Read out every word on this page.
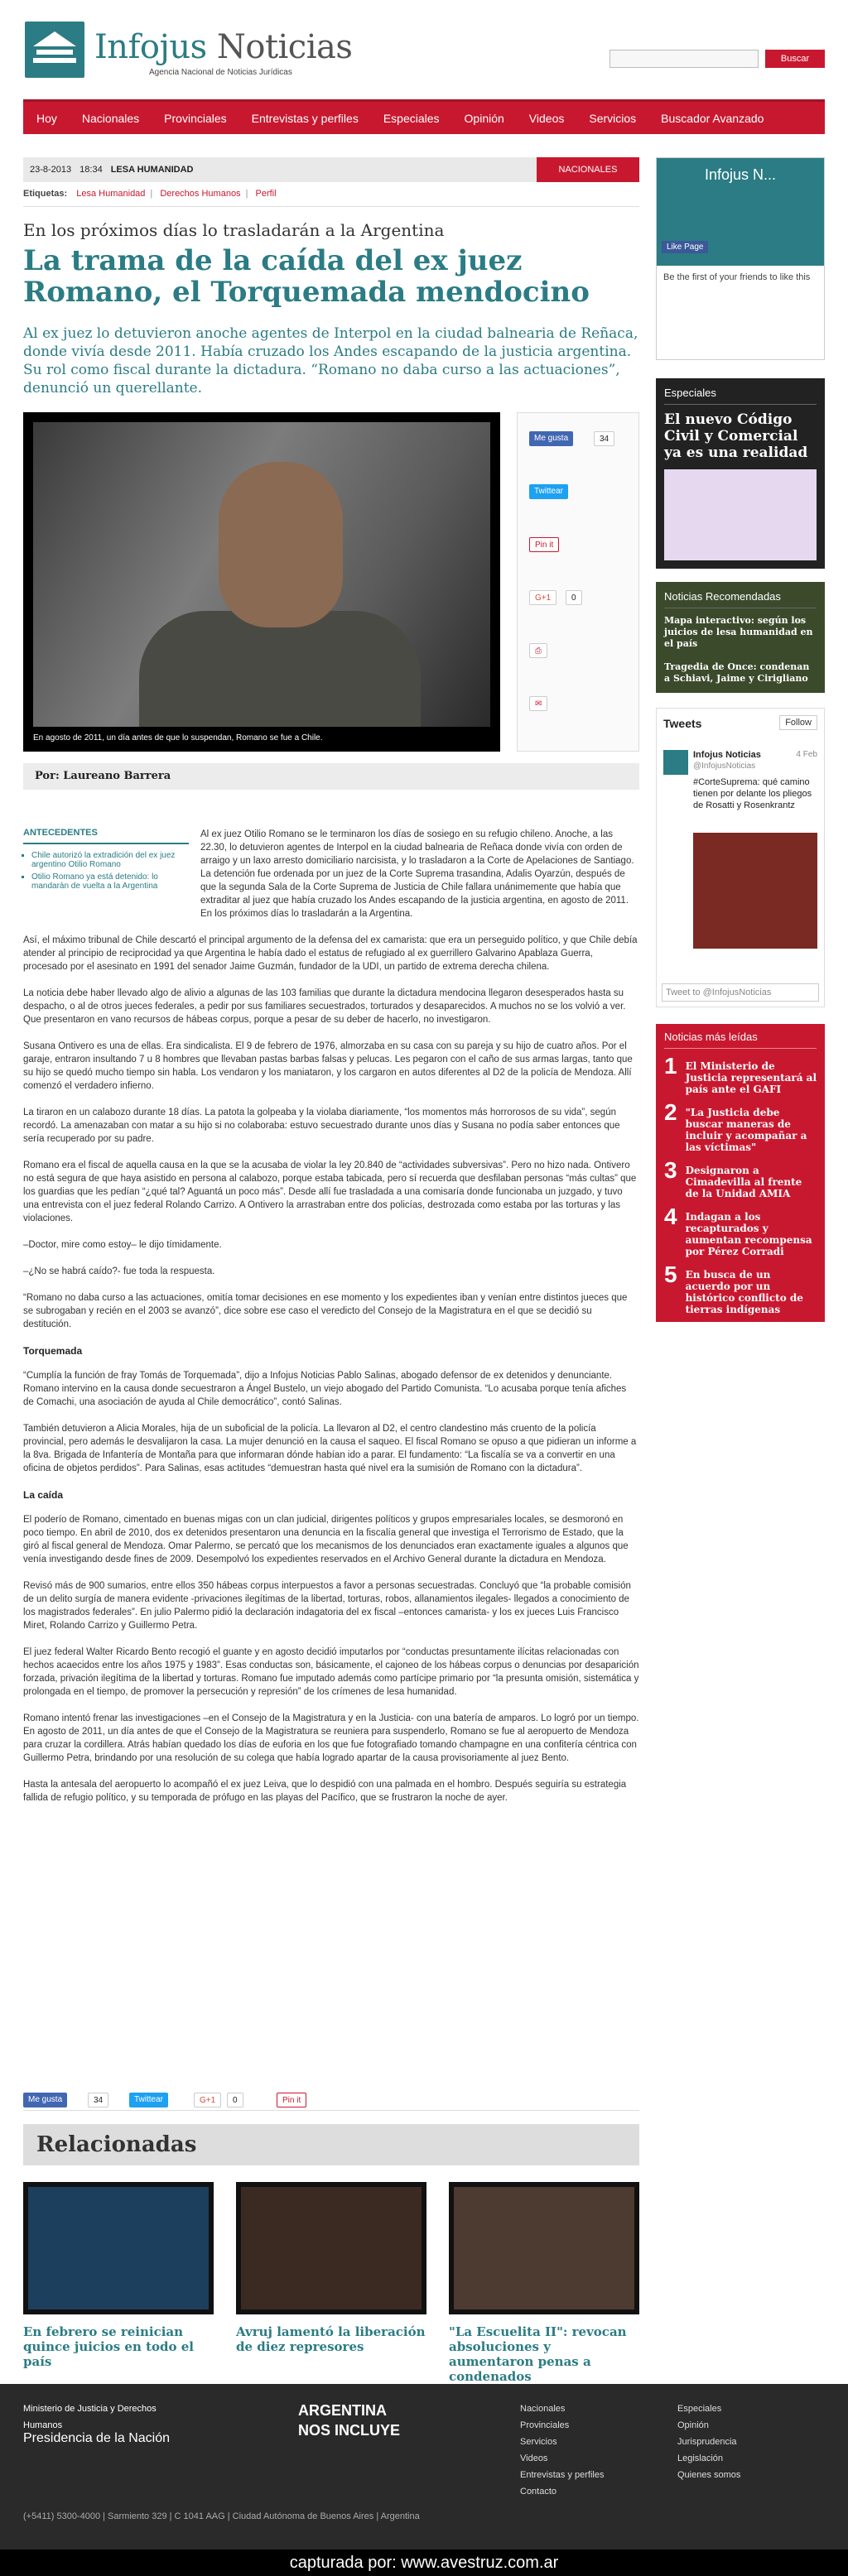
Infojus Noticias
Agencia Nacional de Noticias Jurídicas
Buscar
Hoy Nacionales Provinciales Entrevistas y perfiles Especiales Opinión Videos Servicios Buscador Avanzado
23-8-2013 18:34 LESA HUMANIDAD	NACIONALES
Etiquetas: Lesa Humanidad | Derechos Humanos | Perfil
En los próximos días lo trasladarán a la Argentina
La trama de la caída del ex juez Romano, el Torquemada mendocino
Al ex juez lo detuvieron anoche agentes de Interpol en la ciudad balnearia de Reñaca, donde vivía desde 2011. Había cruzado los Andes escapando de la justicia argentina. Su rol como fiscal durante la dictadura. “Romano no daba curso a las actuaciones”, denunció un querellante.
En agosto de 2011, un día antes de que lo suspendan, Romano se fue a Chile.
Me gusta	34
Twittear
Pin it
G+1	0
⎙
✉
Por: Laureano Barrera
ANTECEDENTES
▪ Chile autorizó la extradición del ex juez argentino Otilio Romano
▪ Otilio Romano ya está detenido: lo mandarán de vuelta a la Argentina

Al ex juez Otilio Romano se le terminaron los días de sosiego en su refugio chileno. Anoche, a las 22.30, lo detuvieron agentes de Interpol en la ciudad balnearia de Reñaca donde vivía con orden de arraigo y un laxo arresto domiciliario narcisista, y lo trasladaron a la Corte de Apelaciones de Santiago. La detención fue ordenada por un juez de la Corte Suprema trasandina, Adalis Oyarzún, después de que la segunda Sala de la Corte Suprema de Justicia de Chile fallara unánimemente que había que extraditar al juez que había cruzado los Andes escapando de la justicia argentina, en agosto de 2011. En los próximos días lo trasladarán a la Argentina.

Así, el máximo tribunal de Chile descartó el principal argumento de la defensa del ex camarista: que era un perseguido político, y que Chile debía atender al principio de reciprocidad ya que Argentina le había dado el estatus de refugiado al ex guerrillero Galvarino Apablaza Guerra, procesado por el asesinato en 1991 del senador Jaime Guzmán, fundador de la UDI, un partido de extrema derecha chilena.

La noticia debe haber llevado algo de alivio a algunas de las 103 familias que durante la dictadura mendocina llegaron desesperados hasta su despacho, o al de otros jueces federales, a pedir por sus familiares secuestrados, torturados y desaparecidos. A muchos no se los volvió a ver. Que presentaron en vano recursos de hábeas corpus, porque a pesar de su deber de hacerlo, no investigaron.

Susana Ontivero es una de ellas. Era sindicalista. El 9 de febrero de 1976, almorzaba en su casa con su pareja y su hijo de cuatro años. Por el garaje, entraron insultando 7 u 8 hombres que llevaban pastas barbas falsas y pelucas. Les pegaron con el caño de sus armas largas, tanto que su hijo se quedó mucho tiempo sin habla. Los vendaron y los maniataron, y los cargaron en autos diferentes al D2 de la policía de Mendoza. Allí comenzó el verdadero infierno.

La tiraron en un calabozo durante 18 días. La patota la golpeaba y la violaba diariamente, “los momentos más horrorosos de su vida”, según recordó. La amenazaban con matar a su hijo si no colaboraba: estuvo secuestrado durante unos días y Susana no podía saber entonces que sería recuperado por su padre.

Romano era el fiscal de aquella causa en la que se la acusaba de violar la ley 20.840 de “actividades subversivas”. Pero no hizo nada. Ontivero no está segura de que haya asistido en persona al calabozo, porque estaba tabicada, pero sí recuerda que desfilaban personas “más cultas” que los guardias que les pedían “¿qué tal? Aguantá un poco más”. Desde allí fue trasladada a una comisaría donde funcionaba un juzgado, y tuvo una entrevista con el juez federal Rolando Carrizo. A Ontivero la arrastraban entre dos policías, destrozada como estaba por las torturas y las violaciones.

–Doctor, mire como estoy– le dijo tímidamente.

–¿No se habrá caído?- fue toda la respuesta.

“Romano no daba curso a las actuaciones, omitía tomar decisiones en ese momento y los expedientes iban y venían entre distintos jueces que se subrogaban y recién en el 2003 se avanzó”, dice sobre ese caso el veredicto del Consejo de la Magistratura en el que se decidió su destitución.

Torquemada

“Cumplía la función de fray Tomás de Torquemada”, dijo a Infojus Noticias Pablo Salinas, abogado defensor de ex detenidos y denunciante. Romano intervino en la causa donde secuestraron a Ángel Bustelo, un viejo abogado del Partido Comunista. “Lo acusaba porque tenía afiches de Comachi, una asociación de ayuda al Chile democrático”, contó Salinas.

También detuvieron a Alicia Morales, hija de un suboficial de la policía. La llevaron al D2, el centro clandestino más cruento de la policía provincial, pero además le desvalijaron la casa. La mujer denunció en la causa el saqueo. El fiscal Romano se opuso a que pidieran un informe a la 8va. Brigada de Infantería de Montaña para que informaran dónde habían ido a parar. El fundamento: “La fiscalía se va a convertir en una oficina de objetos perdidos”. Para Salinas, esas actitudes “demuestran hasta qué nivel era la sumisión de Romano con la dictadura”.

La caída

El poderío de Romano, cimentado en buenas migas con un clan judicial, dirigentes políticos y grupos empresariales locales, se desmoronó en poco tiempo. En abril de 2010, dos ex detenidos presentaron una denuncia en la fiscalía general que investiga el Terrorismo de Estado, que la giró al fiscal general de Mendoza. Omar Palermo, se percató que los mecanismos de los denunciados eran exactamente iguales a algunos que venía investigando desde fines de 2009. Desempolvó los expedientes reservados en el Archivo General durante la dictadura en Mendoza.

Revisó más de 900 sumarios, entre ellos 350 hábeas corpus interpuestos a favor a personas secuestradas. Concluyó que “la probable comisión de un delito surgía de manera evidente -privaciones ilegítimas de la libertad, torturas, robos, allanamientos ilegales- llegados a conocimiento de los magistrados federales”. En julio Palermo pidió la declaración indagatoria del ex fiscal –entonces camarista- y los ex jueces Luis Francisco Miret, Rolando Carrizo y Guillermo Petra.

El juez federal Walter Ricardo Bento recogió el guante y en agosto decidió imputarlos por “conductas presuntamente ilícitas relacionadas con hechos acaecidos entre los años 1975 y 1983”. Esas conductas son, básicamente, el cajoneo de los hábeas corpus o denuncias por desaparición forzada, privación ilegítima de la libertad y torturas. Romano fue imputado además como partícipe primario por “la presunta omisión, sistemática y prolongada en el tiempo, de promover la persecución y represión” de los crímenes de lesa humanidad.

Romano intentó frenar las investigaciones –en el Consejo de la Magistratura y en la Justicia- con una batería de amparos. Lo logró por un tiempo. En agosto de 2011, un día antes de que el Consejo de la Magistratura se reuniera para suspenderlo, Romano se fue al aeropuerto de Mendoza para cruzar la cordillera. Atrás habían quedado los días de euforia en los que fue fotografiado tomando champagne en una confitería céntrica con Guillermo Petra, brindando por una resolución de su colega que había logrado apartar de la causa provisoriamente al juez Bento.

Hasta la antesala del aeropuerto lo acompañó el ex juez Leiva, que lo despidió con una palmada en el hombro. Después seguiría su estrategia fallida de refugio político, y su temporada de prófugo en las playas del Pacífico, que se frustraron la noche de ayer.

Me gusta	34	Twittear	G+1	0	Pin it
Relacionadas
En febrero se reinician quince juicios en todo el país
Avruj lamentó la liberación de diez represores
"La Escuelita II": revocan absoluciones y aumentaron penas a condenados
Infojus N...
Like Page
Be the first of your friends to like this
Especiales
El nuevo Código Civil y Comercial ya es una realidad
Noticias Recomendadas
Mapa interactivo: según los juicios de lesa humanidad en el país
Tragedia de Once: condenan a Schiavi, Jaime y Cirigliano
Tweets	Follow
Infojus Noticias
@InfojusNoticias
4 Feb
#CorteSuprema: qué camino tienen por delante los pliegos de Rosatti y Rosenkrantz
Tweet to @InfojusNoticias
Noticias más leídas
1 El Ministerio de Justicia representará al país ante el GAFI
2 "La Justicia debe buscar maneras de incluir y acompañar a las víctimas"
3 Designaron a Cimadevilla al frente de la Unidad AMIA
4 Indagan a los recapturados y aumentan recompensa por Pérez Corradi
5 En busca de un acuerdo por un histórico conflicto de tierras indígenas
Ministerio de Justicia y Derechos Humanos
Presidencia de la Nación
ARGENTINA
NOS INCLUYE
(+5411) 5300-4000 | Sarmiento 329 | C 1041 AAG | Ciudad Autónoma de Buenos Aires | Argentina
Nacionales
Provinciales
Servicios
Videos
Entrevistas y perfiles
Contacto
Especiales
Opinión
Jurisprudencia
Legislación
Quienes somos
capturada por: www.avestruz.com.ar
